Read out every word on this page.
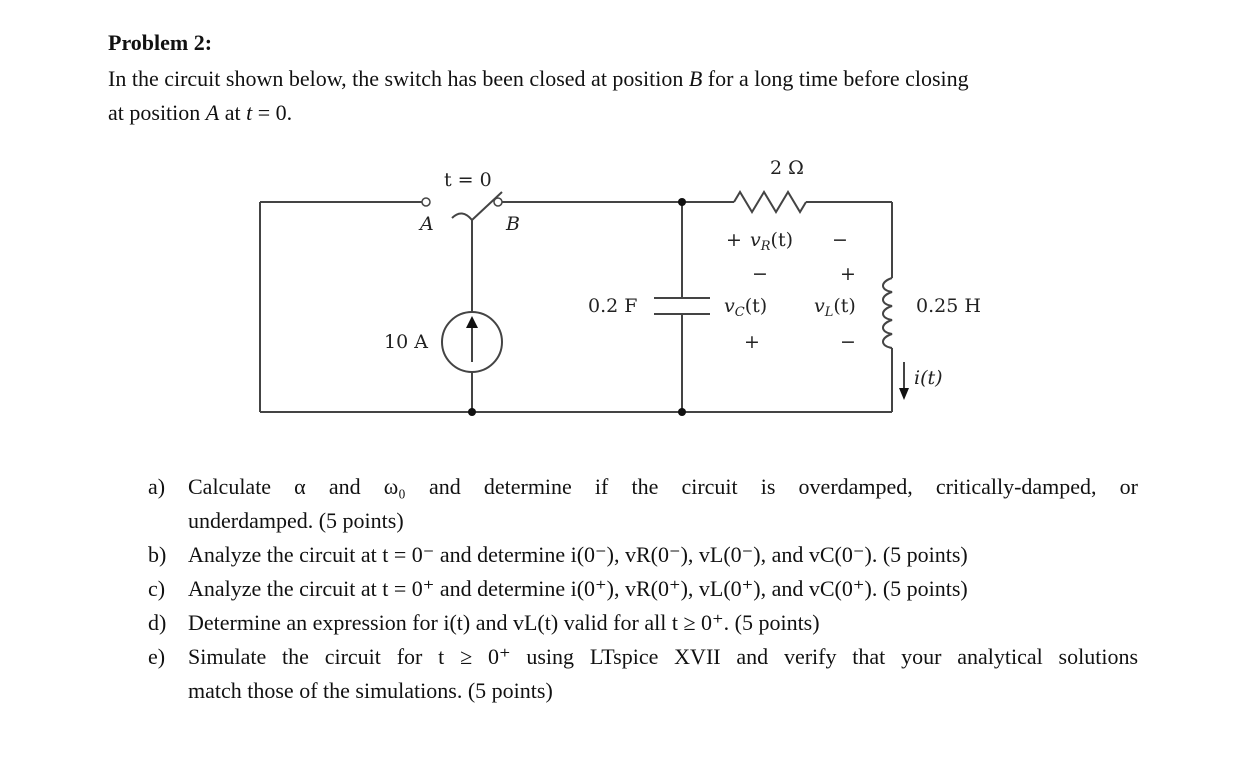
Problem 2:
In the circuit shown below, the switch has been closed at position B for a long time before closing
at position A at t = 0.
t = 0
A	B
10 A
0.2 F
2 Ω
0.25 H
+ $v_R(t)$ −
−
$v_C(t)$
+
+
$v_L(t)$
−
i(t)
a)	Calculate α and ω₀ and determine if the circuit is overdamped, critically-damped, or
underdamped. (5 points)
b) Analyze the circuit at t = 0⁻ and determine i(0⁻), vR(0⁻), vL(0⁻), and vC(0⁻). (5 points)
c)	Analyze the circuit at t = 0⁺ and determine i(0⁺), vR(0⁺), vL(0⁺), and vC(0⁺). (5 points)
d) Determine an expression for i(t) and vL(t) valid for all t ≥ 0⁺. (5 points)
e)	Simulate the circuit for t ≥ 0⁺ using LTspice XVII and verify that your analytical solutions
match those of the simulations. (5 points)
